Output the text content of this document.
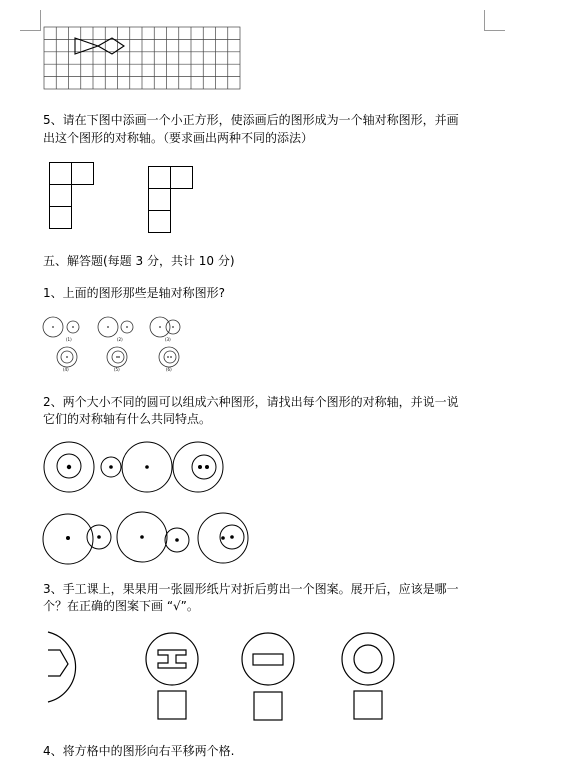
5、请在下图中添画一个小正方形，使添画后的图形成为一个轴对称图形，并画
出这个图形的对称轴。（要求画出两种不同的添法）
五、解答题(每题 3 分，共计 10 分)
1、上面的图形那些是轴对称图形?
(1)	(2)	(3)
(4)	(5)	(6)
2、两个大小不同的圆可以组成六种图形，请找出每个图形的对称轴，并说一说
它们的对称轴有什么共同特点。
3、手工课上，果果用一张圆形纸片对折后剪出一个图案。展开后，应该是哪一
个？在正确的图案下画 “√”。
4、将方格中的图形向右平移两个格.
